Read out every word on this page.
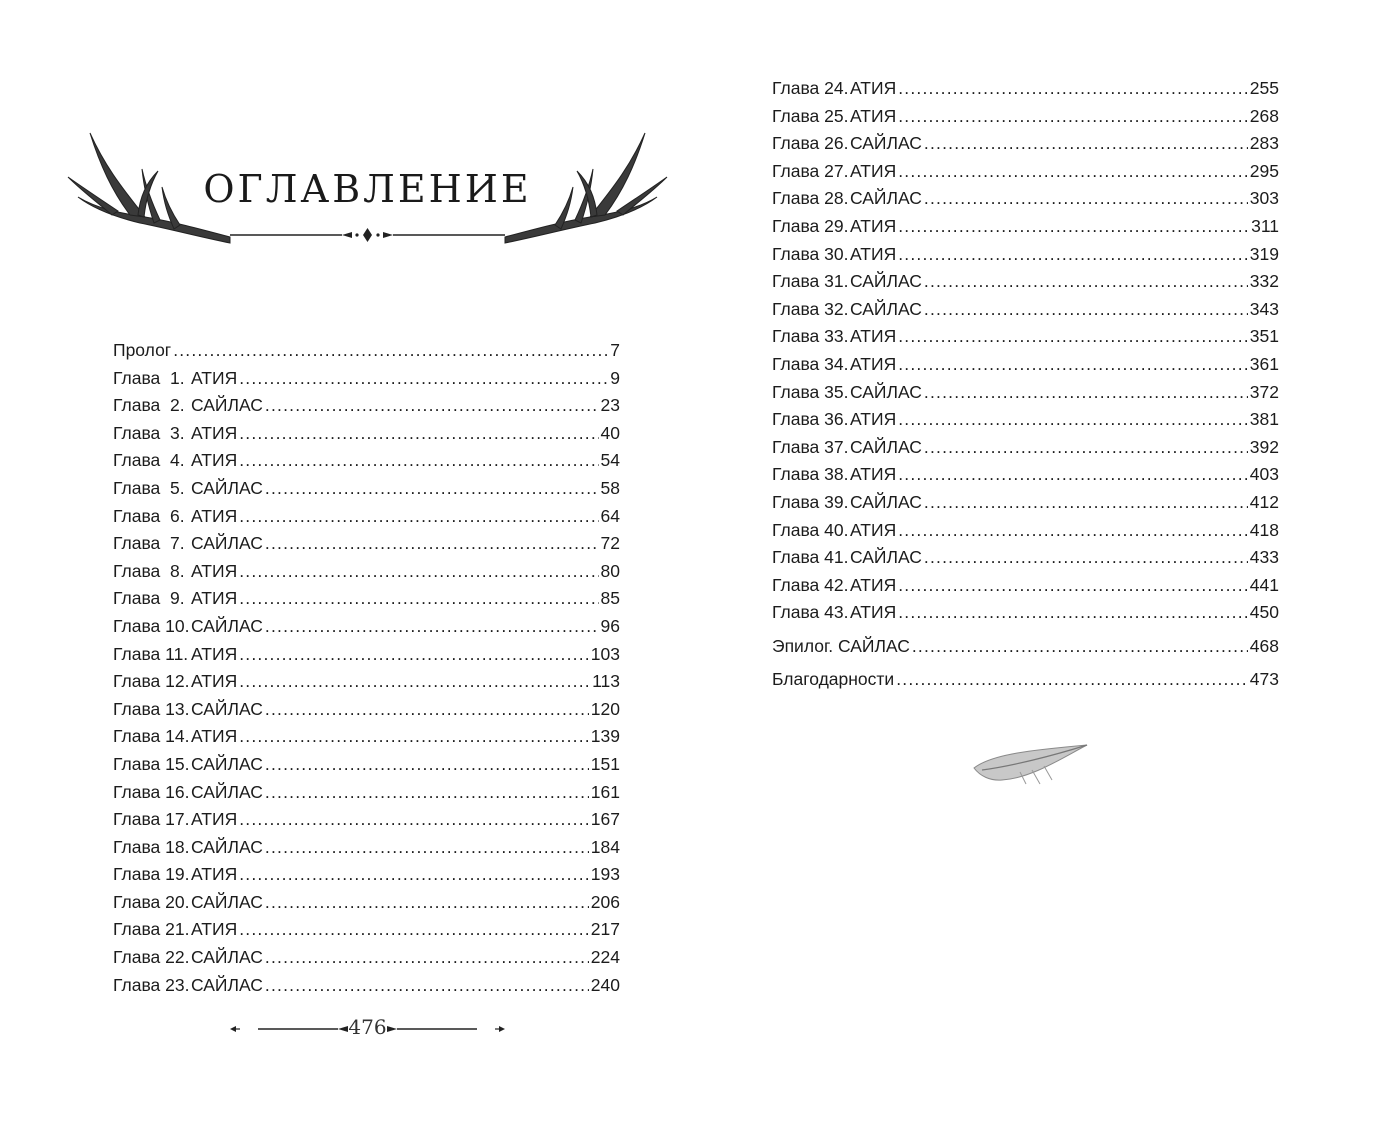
ОГЛАВЛЕНИЕ
Пролог .....	7
Глава  1. АТИЯ .....	9
Глава  2. САЙЛАС .....	23
Глава  3. АТИЯ .....	40
Глава  4. АТИЯ .....	54
Глава  5. САЙЛАС .....	58
Глава  6. АТИЯ .....	64
Глава  7. САЙЛАС .....	72
Глава  8. АТИЯ .....	80
Глава  9. АТИЯ .....	85
Глава 10. САЙЛАС .....	96
Глава 11. АТИЯ .....	103
Глава 12. АТИЯ .....	113
Глава 13. САЙЛАС .....	120
Глава 14. АТИЯ .....	139
Глава 15. САЙЛАС .....	151
Глава 16. САЙЛАС .....	161
Глава 17. АТИЯ .....	167
Глава 18. САЙЛАС .....	184
Глава 19. АТИЯ .....	193
Глава 20. САЙЛАС .....	206
Глава 21. АТИЯ .....	217
Глава 22. САЙЛАС .....	224
Глава 23. САЙЛАС .....	240
476
Глава 24. АТИЯ .....	255
Глава 25. АТИЯ .....	268
Глава 26. САЙЛАС .....	283
Глава 27. АТИЯ .....	295
Глава 28. САЙЛАС .....	303
Глава 29. АТИЯ .....	311
Глава 30. АТИЯ .....	319
Глава 31. САЙЛАС .....	332
Глава 32. САЙЛАС .....	343
Глава 33. АТИЯ .....	351
Глава 34. АТИЯ .....	361
Глава 35. САЙЛАС .....	372
Глава 36. АТИЯ .....	381
Глава 37. САЙЛАС .....	392
Глава 38. АТИЯ .....	403
Глава 39. САЙЛАС .....	412
Глава 40. АТИЯ .....	418
Глава 41. САЙЛАС .....	433
Глава 42. АТИЯ .....	441
Глава 43. АТИЯ .....	450
Эпилог. САЙЛАС .....	468
Благодарности .....	473
